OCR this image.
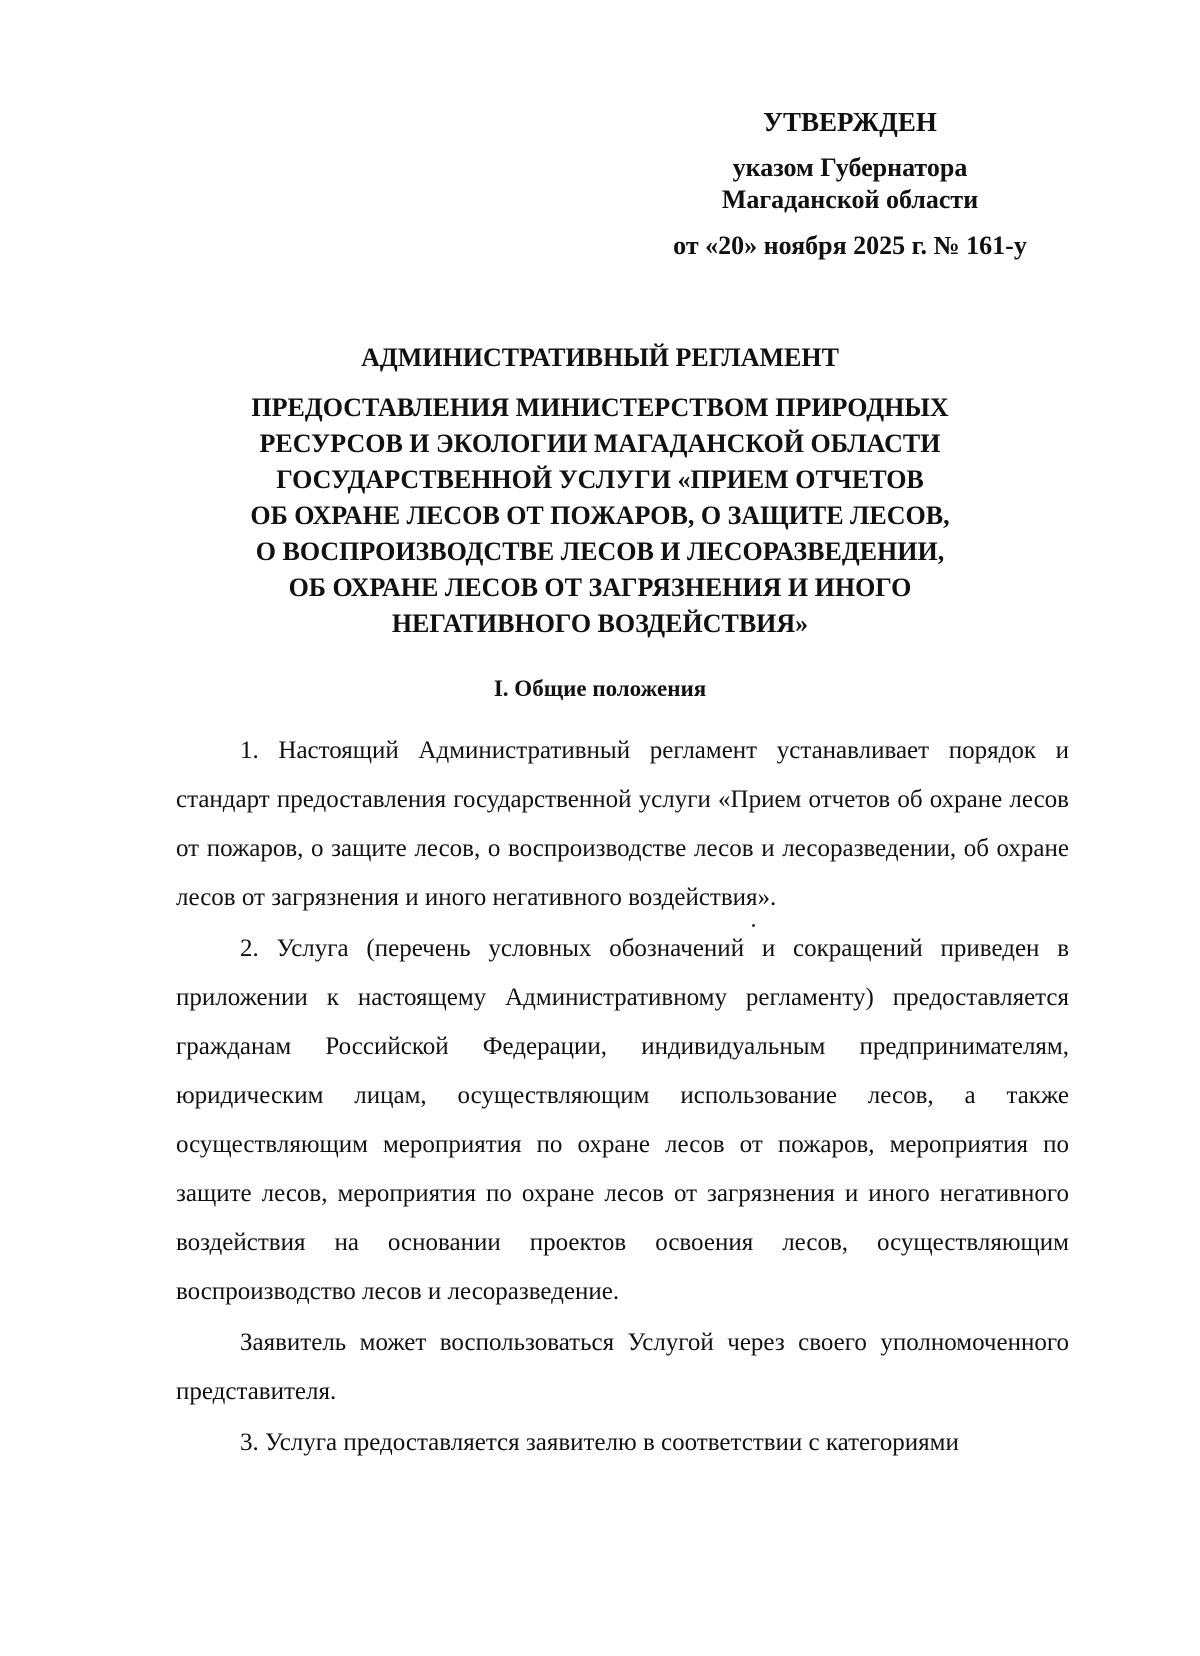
УТВЕРЖДЕН
указом Губернатора
Магаданской области
от «20» ноября 2025 г. № 161-у
АДМИНИСТРАТИВНЫЙ РЕГЛАМЕНТ
ПРЕДОСТАВЛЕНИЯ МИНИСТЕРСТВОМ ПРИРОДНЫХ
РЕСУРСОВ И ЭКОЛОГИИ МАГАДАНСКОЙ ОБЛАСТИ
ГОСУДАРСТВЕННОЙ УСЛУГИ «ПРИЕМ ОТЧЕТОВ
ОБ ОХРАНЕ ЛЕСОВ ОТ ПОЖАРОВ, О ЗАЩИТЕ ЛЕСОВ,
О ВОСПРОИЗВОДСТВЕ ЛЕСОВ И ЛЕСОРАЗВЕДЕНИИ,
ОБ ОХРАНЕ ЛЕСОВ ОТ ЗАГРЯЗНЕНИЯ И ИНОГО
НЕГАТИВНОГО ВОЗДЕЙСТВИЯ»
I. Общие положения

1. Настоящий Административный регламент устанавливает порядок и стандарт предоставления государственной услуги «Прием отчетов об охране лесов от пожаров, о защите лесов, о воспроизводстве лесов и лесоразведении, об охране лесов от загрязнения и иного негативного воздействия».

2. Услуга (перечень условных обозначений и сокращений приведен в приложении к настоящему Административному регламенту) предоставляется гражданам Российской Федерации, индивидуальным предпринимателям, юридическим лицам, осуществляющим использование лесов, а также осуществляющим мероприятия по охране лесов от пожаров, мероприятия по защите лесов, мероприятия по охране лесов от загрязнения и иного негативного воздействия на основании проектов освоения лесов, осуществляющим воспроизводство лесов и лесоразведение.

Заявитель может воспользоваться Услугой через своего уполномоченного представителя.

3. Услуга предоставляется заявителю в соответствии с категориями
